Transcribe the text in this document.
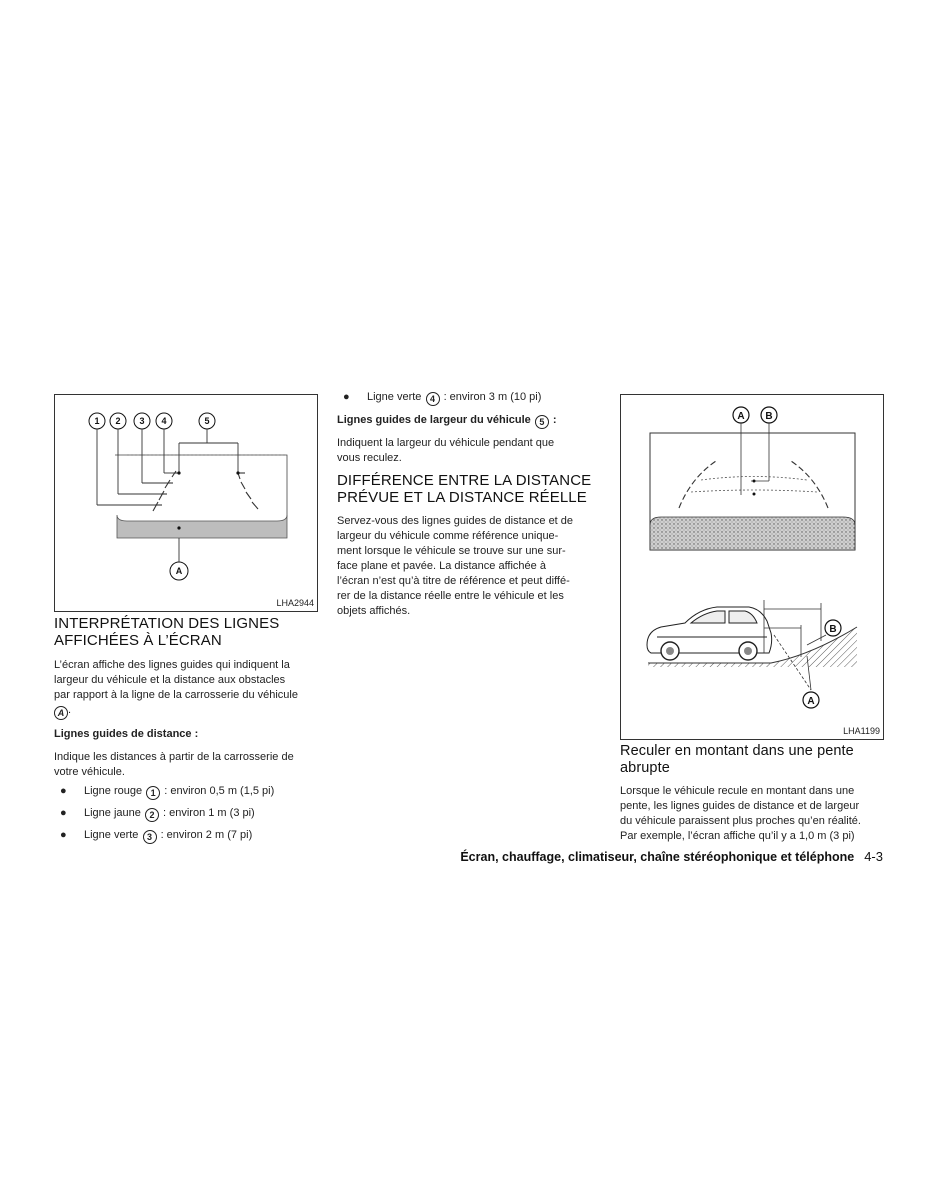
1 2 3 4	5
A
LHA2944
INTERPRÉTATION DES LIGNES
AFFICHÉES À L’ÉCRAN
L’écran affiche des lignes guides qui indiquent la
largeur du véhicule et la distance aux obstacles
par rapport à la ligne de la carrosserie du véhicule
A .
Lignes guides de distance :
Indique les distances à partir de la carrosserie de
votre véhicule.
● Ligne rouge 1 : environ 0,5 m (1,5 pi)
● Ligne jaune 2 : environ 1 m (3 pi)
● Ligne verte 3 : environ 2 m (7 pi)
● Ligne verte 4 : environ 3 m (10 pi)
Lignes guides de largeur du véhicule 5 :
Indiquent la largeur du véhicule pendant que
vous reculez.
DIFFÉRENCE ENTRE LA DISTANCE
PRÉVUE ET LA DISTANCE RÉELLE
Servez-vous des lignes guides de distance et de
largeur du véhicule comme référence unique-
ment lorsque le véhicule se trouve sur une sur-
face plane et pavée. La distance affichée à
l’écran n’est qu’à titre de référence et peut diffé-
rer de la distance réelle entre le véhicule et les
objets affichés.
A B
B
A
LHA1199
Reculer en montant dans une pente
abrupte
Lorsque le véhicule recule en montant dans une
pente, les lignes guides de distance et de largeur
du véhicule paraissent plus proches qu’en réalité.
Par exemple, l’écran affiche qu’il y a 1,0 m (3 pi)
Écran, chauffage, climatiseur, chaîne stéréophonique et téléphone 4-3
